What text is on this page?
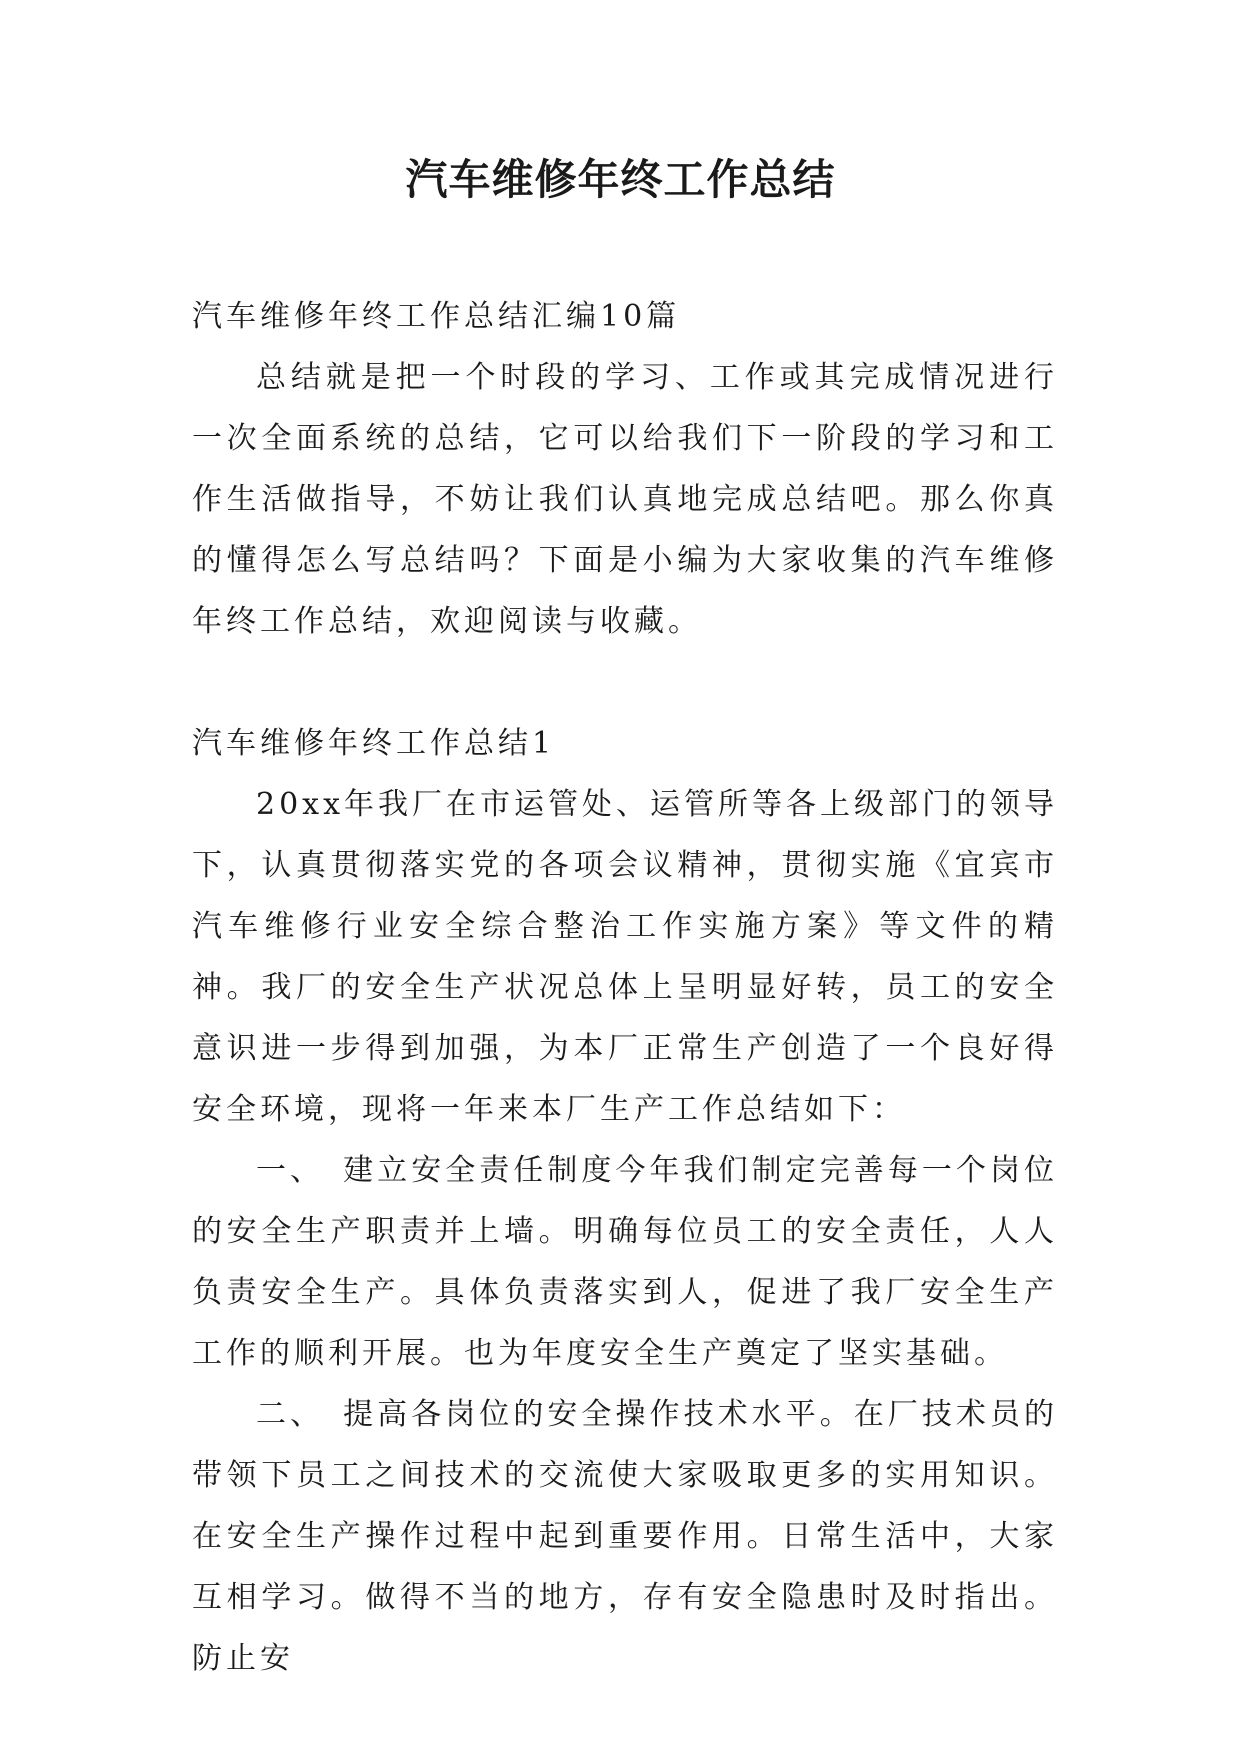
汽车维修年终工作总结

汽车维修年终工作总结汇编10篇

总结就是把一个时段的学习、工作或其完成情况进行一次全面系统的总结，它可以给我们下一阶段的学习和工作生活做指导，不妨让我们认真地完成总结吧。那么你真的懂得怎么写总结吗？下面是小编为大家收集的汽车维修年终工作总结，欢迎阅读与收藏。

汽车维修年终工作总结1

20xx年我厂在市运管处、运管所等各上级部门的领导下，认真贯彻落实党的各项会议精神，贯彻实施《宜宾市汽车维修行业安全综合整治工作实施方案》等文件的精神。我厂的安全生产状况总体上呈明显好转，员工的安全意识进一步得到加强，为本厂正常生产创造了一个良好得安全环境，现将一年来本厂生产工作总结如下：

一、　建立安全责任制度今年我们制定完善每一个岗位的安全生产职责并上墙。明确每位员工的安全责任，人人负责安全生产。具体负责落实到人，促进了我厂安全生产工作的顺利开展。也为年度安全生产奠定了坚实基础。

二、　提高各岗位的安全操作技术水平。在厂技术员的带领下员工之间技术的交流使大家吸取更多的实用知识。在安全生产操作过程中起到重要作用。日常生活中，大家互相学习。做得不当的地方，存有安全隐患时及时指出。防止安
